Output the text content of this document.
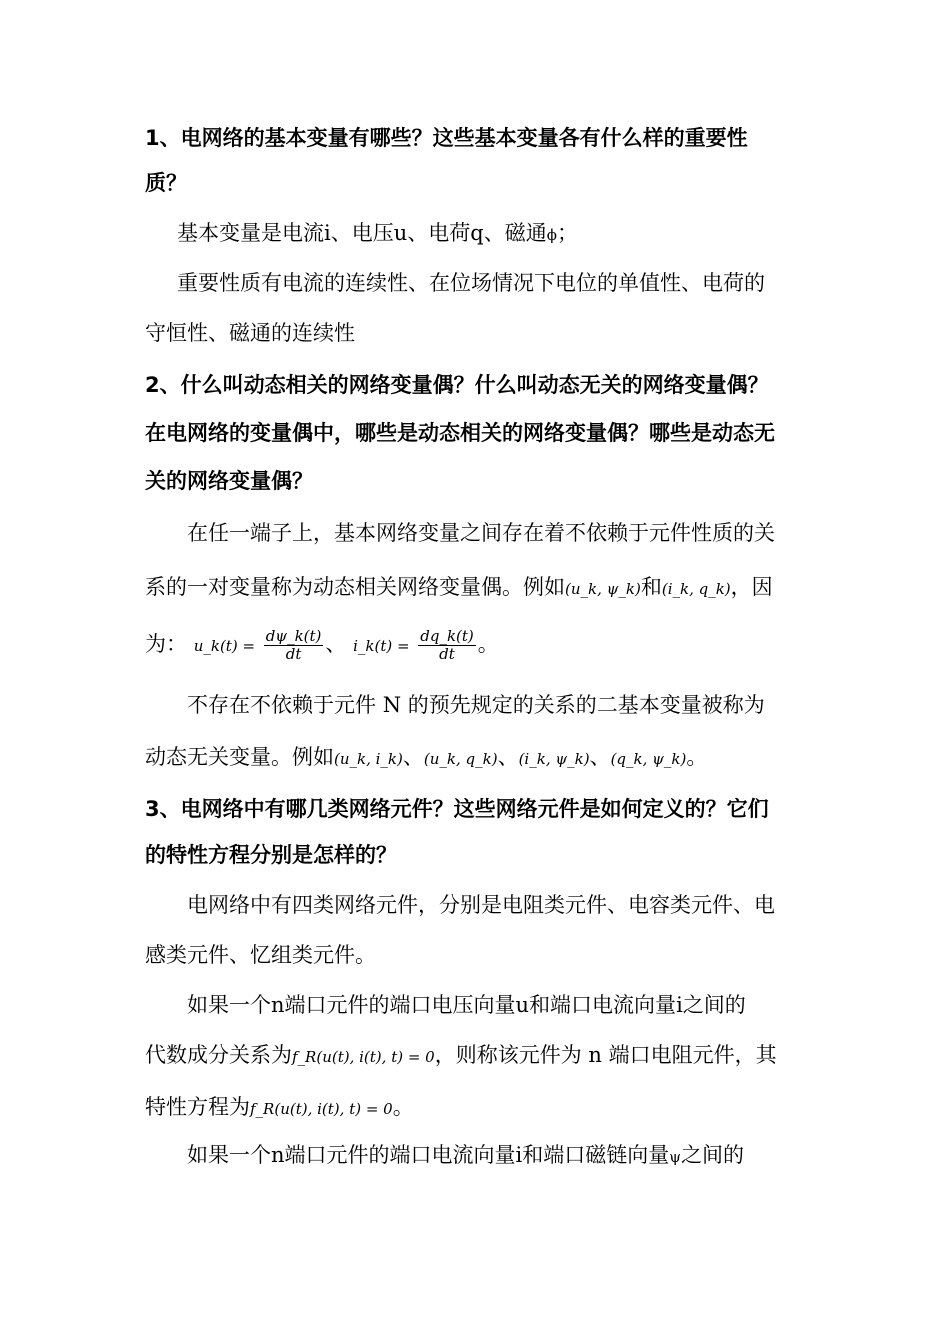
1、电网络的基本变量有哪些？这些基本变量各有什么样的重要性
质？
基本变量是电流i、电压u、电荷q、磁通ϕ；
重要性质有电流的连续性、在位场情况下电位的单值性、电荷的
守恒性、磁通的连续性
2、什么叫动态相关的网络变量偶？什么叫动态无关的网络变量偶？
在电网络的变量偶中，哪些是动态相关的网络变量偶？哪些是动态无
关的网络变量偶？
在任一端子上，基本网络变量之间存在着不依赖于元件性质的关
系的一对变量称为动态相关网络变量偶。例如(u_k, ψ_k)和(i_k, q_k)，因
为： u_k(t) = $\frac{d\psi\_k(t)}{dt}$ 、 i_k(t) = $\frac{dq\_k(t)}{dt}$ 。
不存在不依赖于元件 N 的预先规定的关系的二基本变量被称为
动态无关变量。例如(u_k, i_k)、(u_k, q_k)、(i_k, ψ_k)、(q_k, ψ_k)。
3、电网络中有哪几类网络元件？这些网络元件是如何定义的？它们
的特性方程分别是怎样的？
电网络中有四类网络元件，分别是电阻类元件、电容类元件、电
感类元件、忆组类元件。
如果一个n端口元件的端口电压向量u和端口电流向量i之间的
代数成分关系为f_R(u(t), i(t), t) = 0，则称该元件为 n 端口电阻元件，其
特性方程为f_R(u(t), i(t), t) = 0。
如果一个n端口元件的端口电流向量i和端口磁链向量ψ之间的
